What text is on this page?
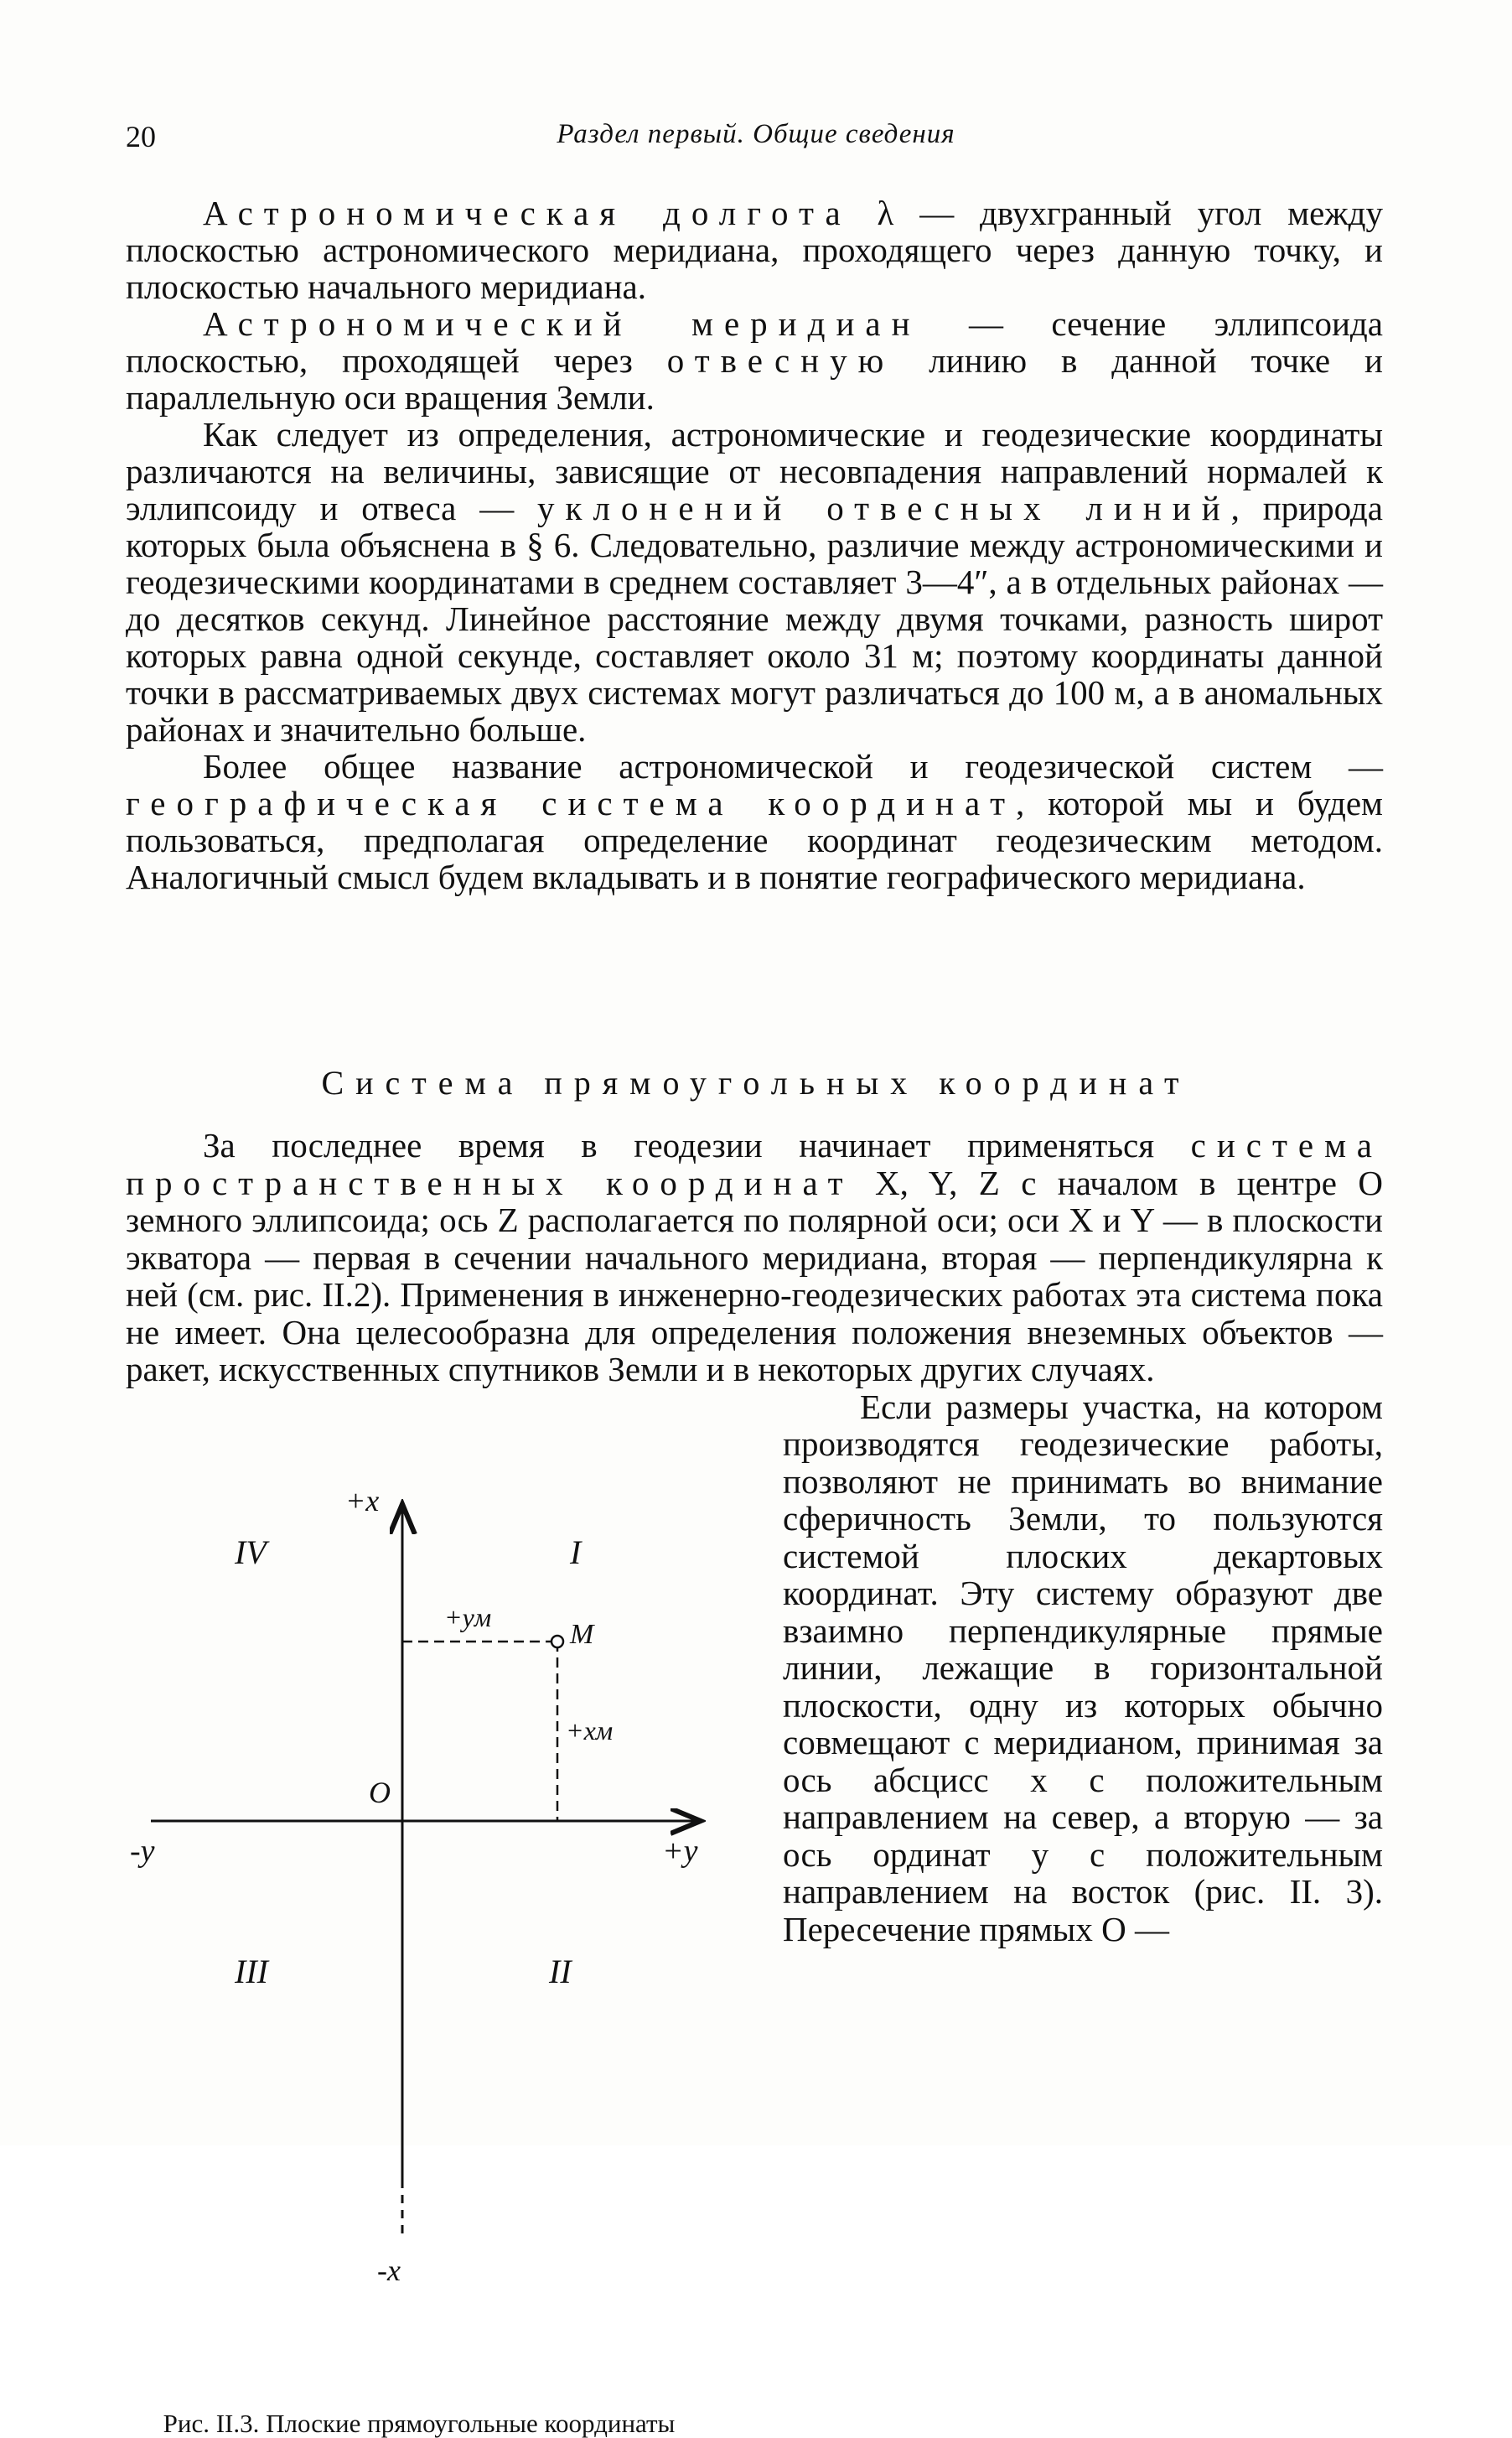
20	Раздел первый. Общие сведения

Астрономическая долгота λ — двухгранный угол между плоскостью астрономического меридиана, проходящего через данную точку, и плоскостью начального меридиана.

Астрономический меридиан — сечение эллипсоида плоскостью, проходящей через отвесную линию в данной точке и параллельную оси вращения Земли.

Как следует из определения, астрономические и геодезические координаты различаются на величины, зависящие от несовпадения направлений нормалей к эллипсоиду и отвеса — уклонений отвесных линий, природа которых была объяснена в § 6. Следовательно, различие между астрономическими и геодезическими координатами в среднем составляет 3—4″, а в отдельных районах — до десятков секунд. Линейное расстояние между двумя точками, разность широт которых равна одной секунде, составляет около 31 м; поэтому координаты данной точки в рассматриваемых двух системах могут различаться до 100 м, а в аномальных районах и значительно больше.

Более общее название астрономической и геодезической систем — географическая система координат, которой мы и будем пользоваться, предполагая определение координат геодезическим методом. Аналогичный смысл будем вкладывать и в понятие географического меридиана.

Система прямоугольных координат

За последнее время в геодезии начинает применяться система пространственных координат X, Y, Z с началом в центре O земного эллипсоида; ось Z располагается по полярной оси; оси X и Y — в плоскости экватора — первая в сечении начального меридиана, вторая — перпендикулярна к ней (см. рис. II.2). Применения в инженерно-геодезических работах эта система пока не имеет. Она целесообразна для определения положения внеземных объектов — ракет, искусственных спутников Земли и в некоторых других случаях.

+x
-x
+y
-y
O
M
+yм
+xм
I
II
III
IV
Рис. II.3. Плоские прямоугольные координаты

Если размеры участка, на котором производятся геодезические работы, позволяют не принимать во внимание сферичность Земли, то пользуются системой плоских декартовых координат. Эту систему образуют две взаимно перпендикулярные прямые линии, лежащие в горизонтальной плоскости, одну из которых обычно совмещают с меридианом, принимая за ось абсцисс x с положительным направлением на север, а вторую — за ось ординат y с положительным направлением на восток (рис. II. 3). Пересечение прямых O —
